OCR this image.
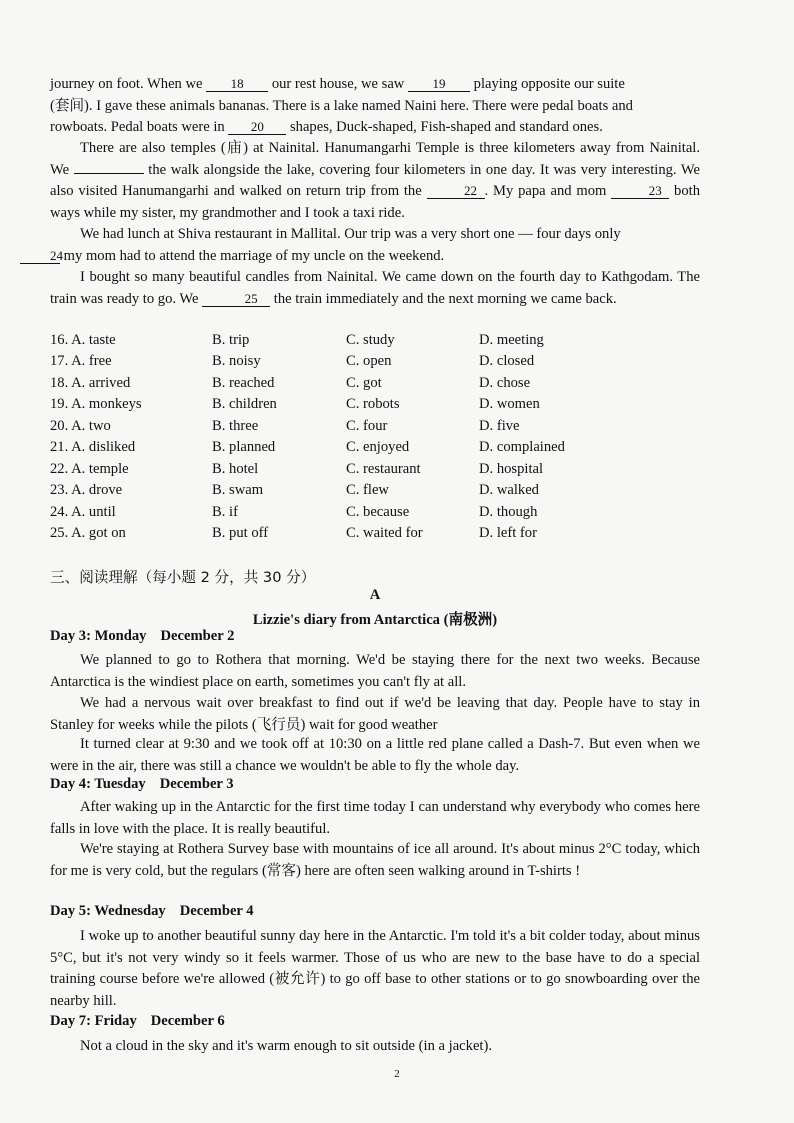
journey on foot. When we 18 our rest house, we saw 19 playing opposite our suite
(套间). I gave these animals bananas. There is a lake named Naini here. There were pedal boats and
rowboats. Pedal boats were in 20 shapes, Duck-shaped, Fish-shaped and standard ones.

There are also temples (庙) at Nainital. Hanumangarhi Temple is three kilometers away from Nainital. We	the walk alongside the lake, covering four kilometers in one day. It was very interesting. We also visited Hanumangarhi and walked on return trip from the	22 . My papa and mom	23 both ways while my sister, my grandmother and I took a taxi ride.

We had lunch at Shiva restaurant in Mallital. Our trip was a very short one — four days only
24 my mom had to attend the marriage of my uncle on the weekend.

I bought so many beautiful candles from Nainital. We came down on the fourth day to Kathgodam. The train was ready to go. We	25 the train immediately and the next morning we came back.

16. A. taste	B. trip	C. study	D. meeting
17. A. free	B. noisy	C. open	D. closed
18. A. arrived	B. reached	C. got	D. chose
19. A. monkeys	B. children	C. robots	D. women
20. A. two	B. three	C. four	D. five
21. A. disliked	B. planned	C. enjoyed	D. complained
22. A. temple	B. hotel	C. restaurant	D. hospital
23. A. drove	B. swam	C. flew	D. walked
24. A. until	B. if	C. because	D. though
25. A. got on	B. put off	C. waited for	D. left for
三、阅读理解（每小题 2 分，共 30 分）
A
Lizzie's diary from Antarctica (南极洲)
Day 3: Monday December 2

We planned to go to Rothera that morning. We'd be staying there for the next two weeks. Because Antarctica is the windiest place on earth, sometimes you can't fly at all.

We had a nervous wait over breakfast to find out if we'd be leaving that day. People have to stay in Stanley for weeks while the pilots (飞行员) wait for good weather

It turned clear at 9:30 and we took off at 10:30 on a little red plane called a Dash-7. But even when we were in the air, there was still a chance we wouldn't be able to fly the whole day.

Day 4: Tuesday December 3

After waking up in the Antarctic for the first time today I can understand why everybody who comes here falls in love with the place. It is really beautiful.

We're staying at Rothera Survey base with mountains of ice all around. It's about minus 2°C today, which for me is very cold, but the regulars (常客) here are often seen walking around in T-shirts !

Day 5: Wednesday December 4

I woke up to another beautiful sunny day here in the Antarctic. I'm told it's a bit colder today, about minus 5°C, but it's not very windy so it feels warmer. Those of us who are new to the base have to do a special training course before we're allowed (被允许) to go off base to other stations or to go snowboarding over the nearby hill.

Day 7: Friday December 6

Not a cloud in the sky and it's warm enough to sit outside (in a jacket).

2
